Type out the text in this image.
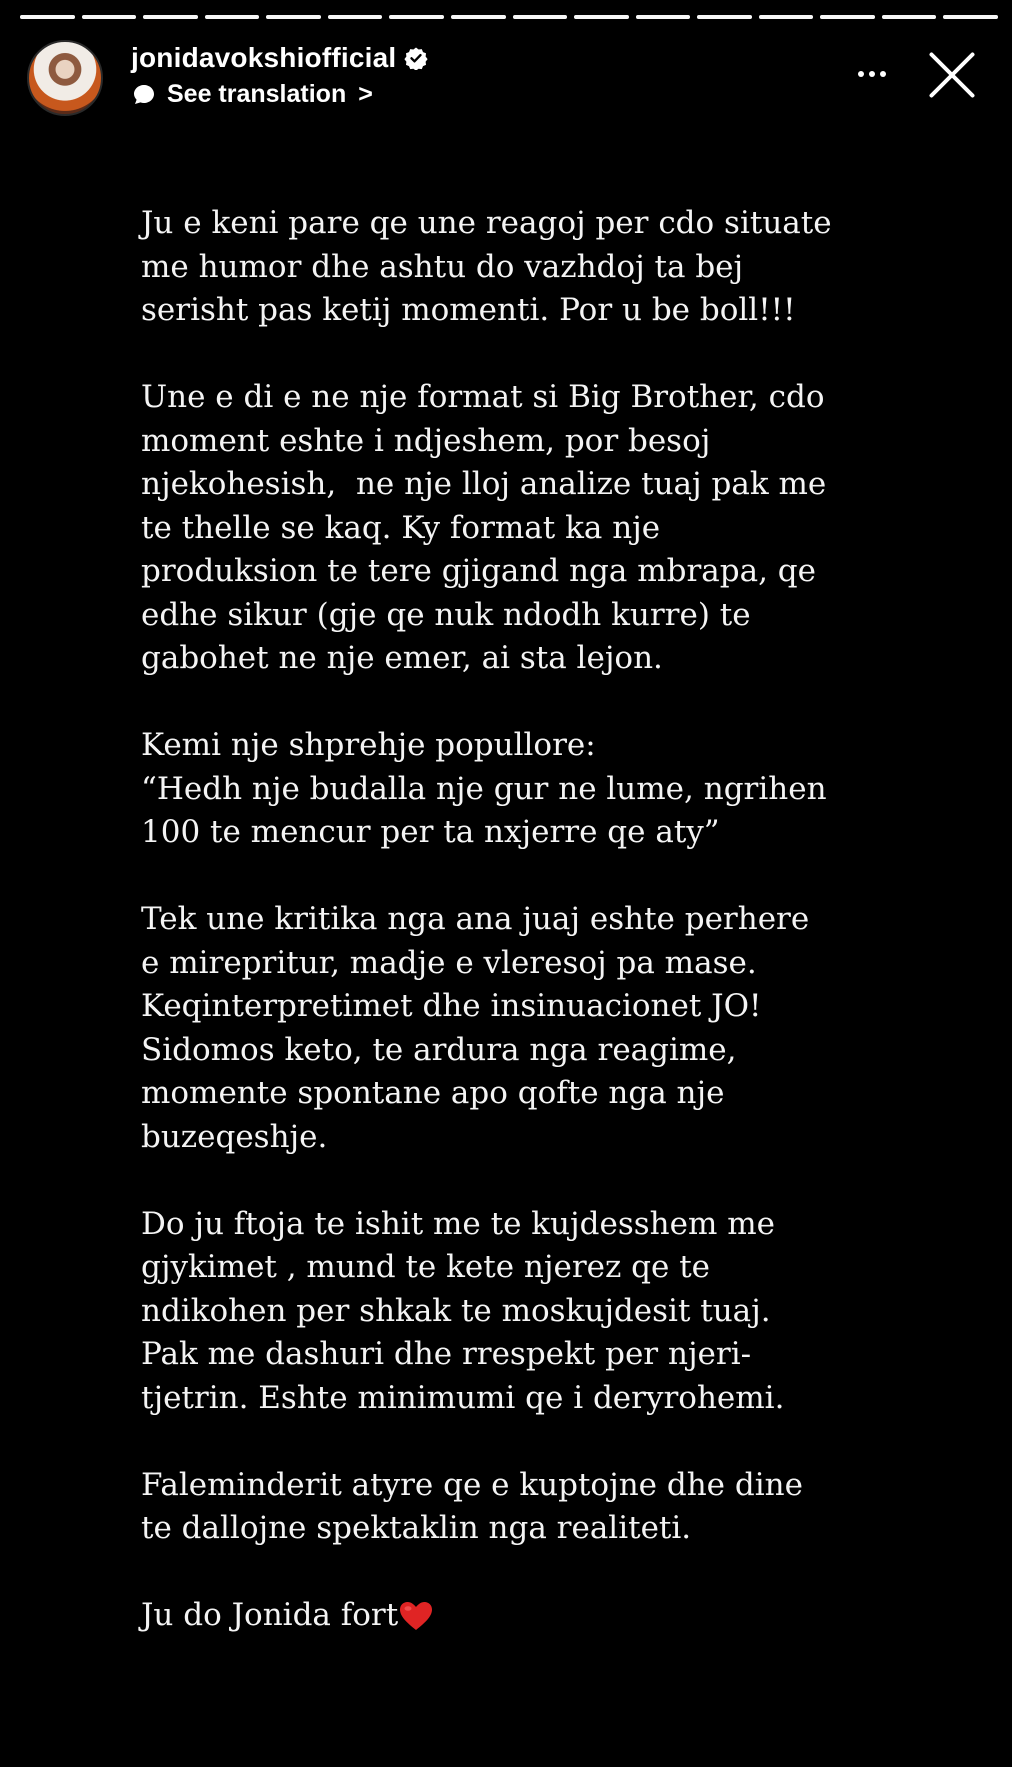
jonidavokshiofficial
See translation >

Ju e keni pare qe une reagoj per cdo situate
me humor dhe ashtu do vazhdoj ta bej
serisht pas ketij momenti. Por u be boll!!!

Une e di e ne nje format si Big Brother, cdo
moment eshte i ndjeshem, por besoj
njekohesish,  ne nje lloj analize tuaj pak me
te thelle se kaq. Ky format ka nje
produksion te tere gjigand nga mbrapa, qe
edhe sikur (gje qe nuk ndodh kurre) te
gabohet ne nje emer, ai sta lejon.

Kemi nje shprehje popullore:
“Hedh nje budalla nje gur ne lume, ngrihen
100 te mencur per ta nxjerre qe aty”

Tek une kritika nga ana juaj eshte perhere
e mirepritur, madje e vleresoj pa mase.
Keqinterpretimet dhe insinuacionet JO!
Sidomos keto, te ardura nga reagime,
momente spontane apo qofte nga nje
buzeqeshje.

Do ju ftoja te ishit me te kujdesshem me
gjykimet , mund te kete njerez qe te
ndikohen per shkak te moskujdesit tuaj.
Pak me dashuri dhe rrespekt per njeri-
tjetrin. Eshte minimumi qe i deryrohemi.

Faleminderit atyre qe e kuptojne dhe dine
te dallojne spektaklin nga realiteti.

Ju do Jonida fort
